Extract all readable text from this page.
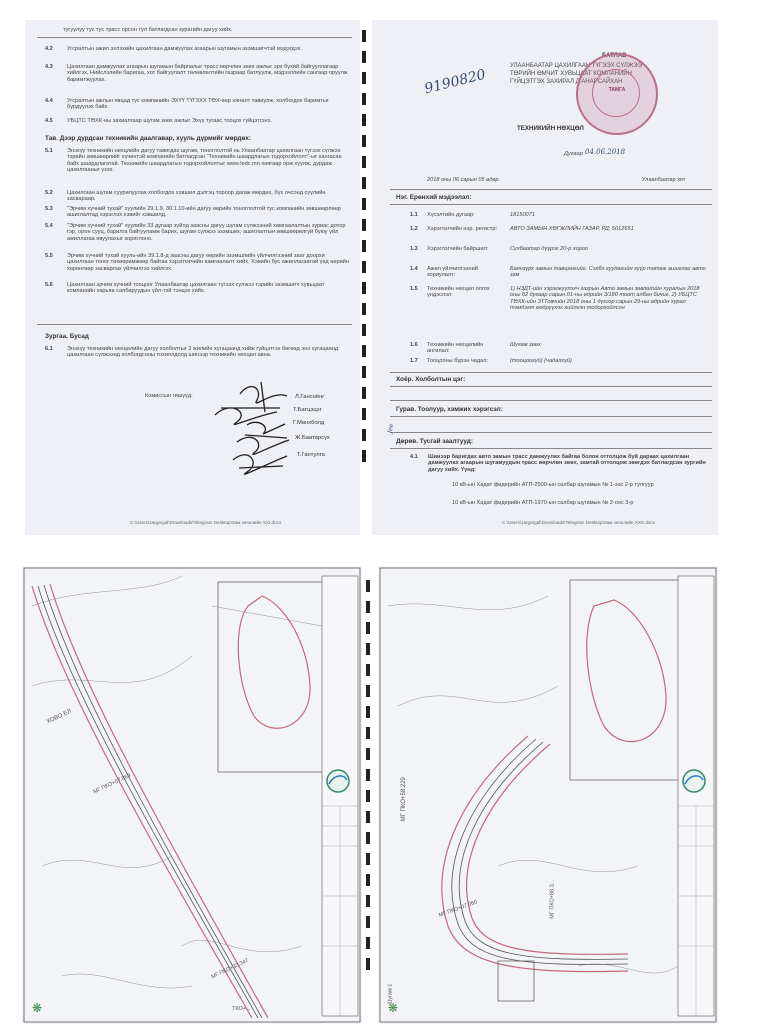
тугуулуу тус тус трасс орсон тул батлагдсан зурагийн дагуу хийх.
4.2	Угсралтын ажил эхлэхийн цахилгаан дамжуулах агаарын шугамын эзэмшигчтэй мэдэгдэх.
4.3	Цахилгаан дамжуулах агаарын шугамын байрлалыг трасс өөрчлөн зөөх ажлыг эрх бүхий байгууллагаар хийлгэх, Нийслэлийн баригаа, хот байгуулалт төлөвлөлтийн газраар батлуулж, мэдээллийн сангаар оруулж баримтжуулах.
4.4	Угсралтын ажлын явцад тус компанийн ЭХҮҮ ТҮГЗХХ ТӨХ-өөр хяналт тавиулж, холбогдох баримтыг бүрдүүлэх байх.
4.5	УБЦТС ТӨХК-ны захиалгаар шугам зөөх ажлыг Эхүү тугаас тооцох гүйцэтгэнэ.
Тав. Дээр дурдсан техникийн даалгавар, хууль дүрмийг мөрдөх:
5.1	Энэхүү техникийн нөхцлийн дагуу тавигдах шугам, тоноглолтой нь Улаанбаатар цахилгаан түгээх сүлжээ тэрийн зөвшөөрлийг хүчинтэй компанийн батлагдсан "Техникийн шаардлагын тодорхойлолт"-ыг хангасан байх шаардлагатай. Техникийн шаардлагын тодорхойлолтыг www.ledc.mn хаягаар орж хуулж, дурдаж цахилгааныг үзэх.
5.2	Цахилгаан шугам суурилуулах холбогдох хэвшил дэлгэц тороор дагаж мөрдөх, бүх очсонд сүүлийн засвараар.
5.3	"Эрчим хүчний тухай" хуулийн 29.1.9, 30.1.10-ийн дагуу өөрийн тоноглолтой тус компанийн зөвшөөрлөөр ашиглалтад хэрэглэх хэвийг хэвшилд.
5.4	"Эрчим хүчний тухай" хуулийн 33 дугаар зүйлд заасны дагуу шугам сүлжээний хамгаалалтын зурвас дотор гэр, орон сууц, барилга байгууламж барих, шугам сүлжээ эзэмших, ашиглалтын зөвшөөрөлгүй буюу үйл ажиллагаа явуулахыг хориглоно.
5.5	Эрчим хүчний тухай хууль-ийн 39.1.8-д заасны дагуу өөрийн эзэмшлийн үйлчилгээний зааг доорхи цахилгаан тоног төхөөрөмжөөр байгаа хэрэглэгчийн хамгаалалт хийх. Хэвийн бус ажиллагаатай үед өөрийн хөрөнгөөр засварлах үйлчилгээ хийлгэх.
5.6	Цахилгаан эрчим хүчний тооцоог Улаанбаатар цахилгаан түгээх сүлжээ тэрийн эзэмшигч хувьцаат компанийн харьяа салбаруудын үйл-тэй тэнцэх хийх.
Зургаа. Бусад
6.1	Энэхүү техникийн нөхцөлийн дагуу холболтыг 2 жилийн хугацаанд хийж гүйцэтгэх бөгөөд энэ хугацаанд цахилгаан сүлжээнд холбогдсоны тохиолдолд шинээр техникийн нөхцөл авна.
Комиссын гишүүд:	Л.Гансоёнг
Т.Батцэцэг
Г.Мөнхболд
Ж.Баатарсүх
Т.Гантулга
C:\Users\Jargargal\Downloads\Telegram Desktop\Зам хөгжлийн XXI.docx
9190820
БАТЛАВ
УЛААНБААТАР ЦАХИЛГААН ТҮГЭЭХ СҮЛЖЭЭ
ТӨРИЙН ӨМЧИТ ХУВЬЦААТ КОМПАНИЙН
ГҮЙЦЭТГЭХ ЗАХИРАЛ Д.АНАРСАЙХАН
ТЕХНИКИЙН НӨХЦӨЛ
Дугаар 04.06.2018
2018 оны 06 сарын 05 өдөр	Улаанбаатар хот
Нэг. Ерөнхий мэдээлэл:
1.1 Хүсэлтийн дугаар:	18150071
1.2 Хэрэглэгчийн нэр, регистр:	АВТО ЗАМЫН ХӨГЖЛИЙН ГАЗАР, РД: 5012651
1.3 Хэрэглэгчийн байршил:	Сүхбаатар дүүрэг 20-р хороо
1.4 Ажил үйлчилгээний зориулалт:
Баянзүрх замын тавцангийг. Сэлбэ гуулагийн гүүр татаж ашиглах авто зам
1.5 Техникийн нөхцөл олгох үндэслэл:
1) НЗДТ-ийн хэрэгжүүлэгч газрын Авто замын зөвлөлийн хуралын 2018 оны 02 дугаар сарын 01-ны өдрийн 3/180 тоот албан бичиг. 2) УБЦТС ТӨХК-ийн ЗТТовчийн 2018 оны 1 дүгээр сарын 29-ны өдрийн хурал тэмдэгт мэдрүүлэх хийлгэн тодорхойлсон
1.6 Техникийн нөхцөлийн ангилал:
Шугам зөөх
1.7 Тооцооны бүрэн чадал:	(тооцоогүй) (чадалгүй)
Хоёр. Холболтын цэг:
Гурав. Тоолуур, хэмжих хэрэгсэл:
Дөрөв. Тусгай заалтууд:
4.1 Шинээр баригдах авто замын трасс дамжуулах байгаа болон оттолцож буй дараах цахилгаан дамжуулах агаарын шугамуудын трасс өөрчлөн зөөх, замтай оттолцож зөөгдэх батлагдсан зургийн дагуу хийх. Үүнд:
10 кВ-ын Хадат фидерийн АТП-2500-ын салбар шугамын № 1-ээс 2-р тулгуур
10 кВ-ын Хадат фидерийн АТП-1970-ын салбар шугамын № 2-оос 3-р
Jee
C:\Users\Jargargal\Downloads\Telegram Desktop\Зам хөгжлийн XXK.docx
ТАМГА
❋
ХОВО ЕЛ
МГ ПКО+57.869
МГ ПКО+33.347
ТКО+...	❋
МГ ПКО+58.229
МГ ПКО+07.060	МГ ПКО+88.3...
Шугам 1
